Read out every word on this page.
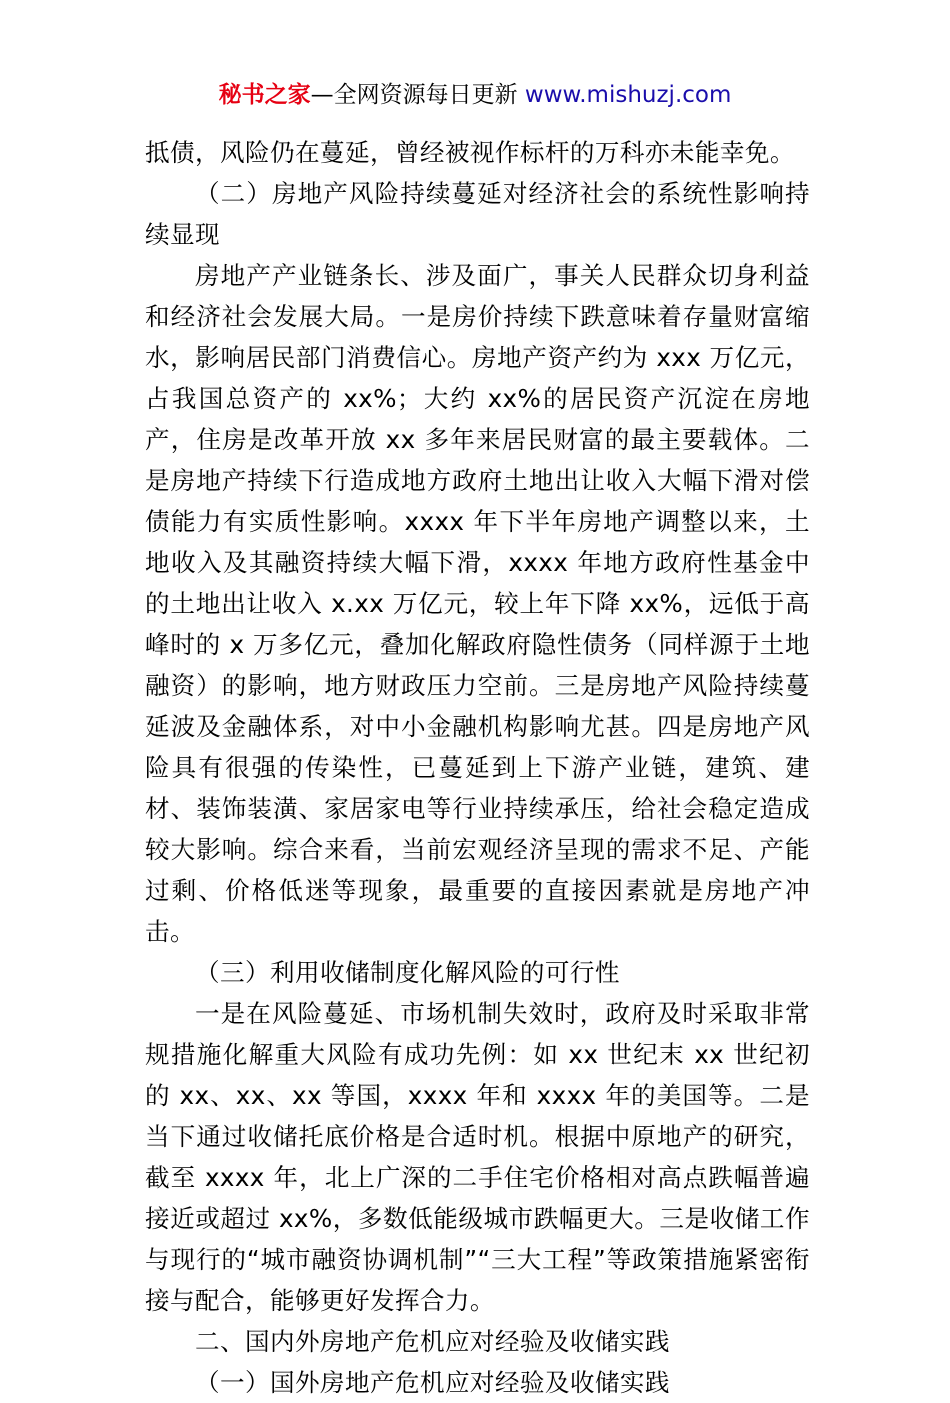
秘书之家—全网资源每日更新 www.mishuzj.com

抵债，风险仍在蔓延，曾经被视作标杆的万科亦未能幸免。

（二）房地产风险持续蔓延对经济社会的系统性影响持续显现

房地产产业链条长、涉及面广，事关人民群众切身利益和经济社会发展大局。一是房价持续下跌意味着存量财富缩水，影响居民部门消费信心。房地产资产约为 xxx 万亿元，占我国总资产的 xx%；大约 xx%的居民资产沉淀在房地产，住房是改革开放 xx 多年来居民财富的最主要载体。二是房地产持续下行造成地方政府土地出让收入大幅下滑对偿债能力有实质性影响。xxxx 年下半年房地产调整以来，土地收入及其融资持续大幅下滑，xxxx 年地方政府性基金中的土地出让收入 x.xx 万亿元，较上年下降 xx%，远低于高峰时的 x 万多亿元，叠加化解政府隐性债务（同样源于土地融资）的影响，地方财政压力空前。三是房地产风险持续蔓延波及金融体系，对中小金融机构影响尤甚。四是房地产风险具有很强的传染性，已蔓延到上下游产业链，建筑、建材、装饰装潢、家居家电等行业持续承压，给社会稳定造成较大影响。综合来看，当前宏观经济呈现的需求不足、产能过剩、价格低迷等现象，最重要的直接因素就是房地产冲击。

（三）利用收储制度化解风险的可行性

一是在风险蔓延、市场机制失效时，政府及时采取非常规措施化解重大风险有成功先例：如 xx 世纪末 xx 世纪初的 xx、xx、xx 等国，xxxx 年和 xxxx 年的美国等。二是当下通过收储托底价格是合适时机。根据中原地产的研究，截至 xxxx 年，北上广深的二手住宅价格相对高点跌幅普遍接近或超过 xx%，多数低能级城市跌幅更大。三是收储工作与现行的“城市融资协调机制”“三大工程”等政策措施紧密衔接与配合，能够更好发挥合力。

二、国内外房地产危机应对经验及收储实践

（一）国外房地产危机应对经验及收储实践
